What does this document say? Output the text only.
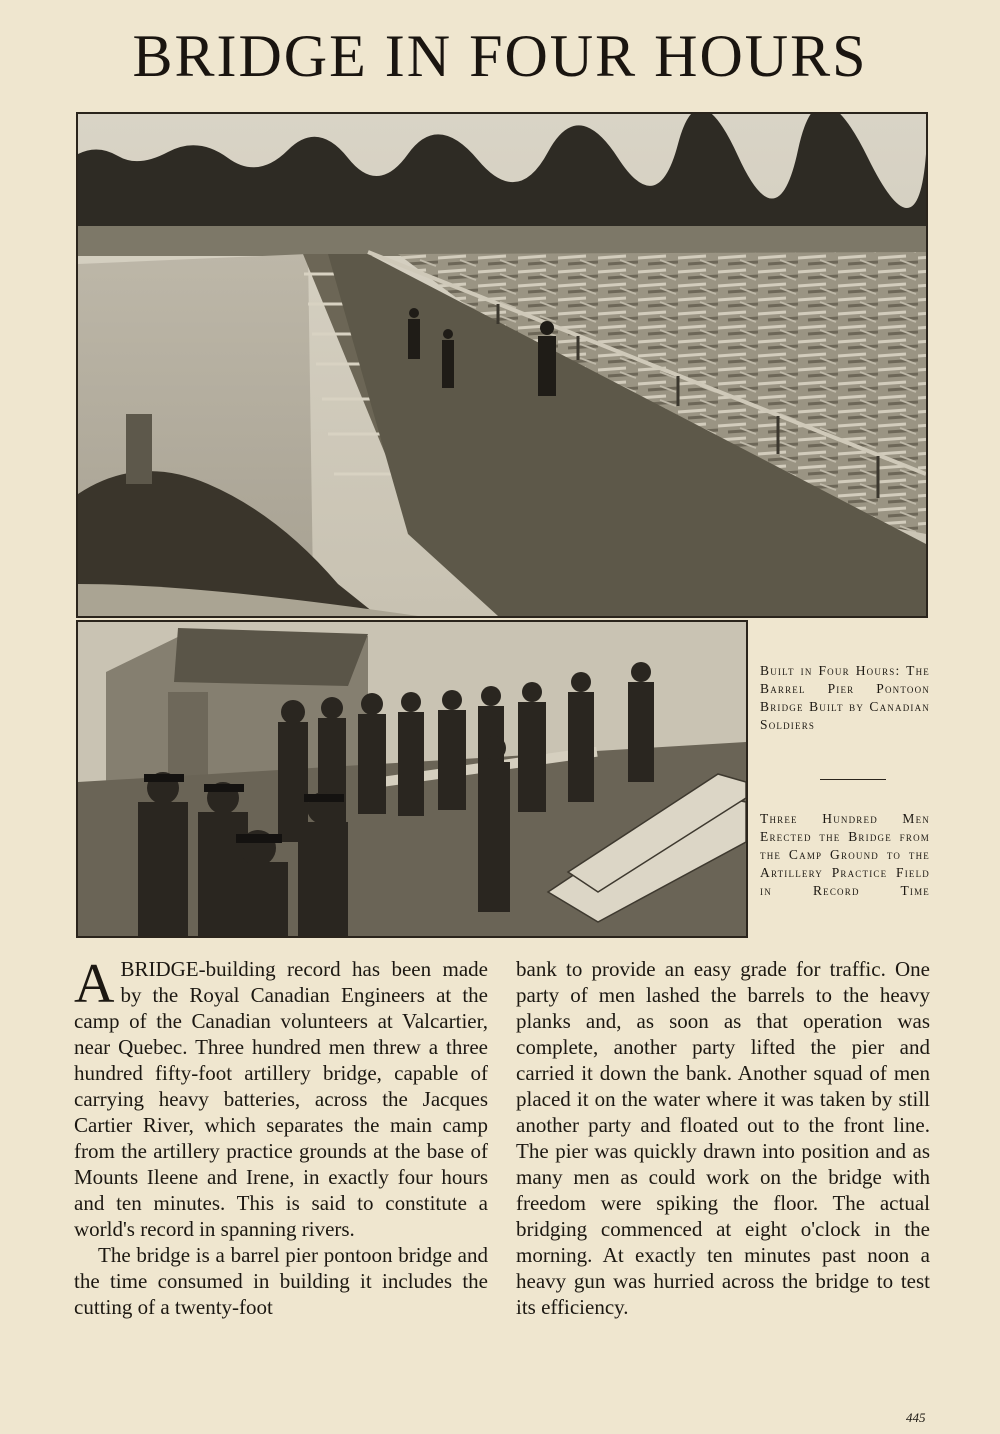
BRIDGE IN FOUR HOURS
Built in Four Hours: The Barrel Pier Pontoon Bridge Built by Canadian Soldiers
Three Hundred Men Erected the Bridge from the Camp Ground to the Artillery Practice Field in Record Time

ABRIDGE-building record has been made by the Royal Canadian Engineers at the camp of the Canadian volunteers at Valcartier, near Quebec. Three hundred men threw a three hundred fifty-foot artillery bridge, capable of carrying heavy batteries, across the Jacques Cartier River, which separates the main camp from the artillery practice grounds at the base of Mounts Ileene and Irene, in exactly four hours and ten minutes. This is said to constitute a world's record in spanning rivers.

The bridge is a barrel pier pontoon bridge and the time consumed in building it includes the cutting of a twenty-foot

bank to provide an easy grade for traffic. One party of men lashed the barrels to the heavy planks and, as soon as that operation was complete, another party lifted the pier and carried it down the bank. Another squad of men placed it on the water where it was taken by still another party and floated out to the front line. The pier was quickly drawn into position and as many men as could work on the bridge with freedom were spiking the floor. The actual bridging commenced at eight o'clock in the morning. At exactly ten minutes past noon a heavy gun was hurried across the bridge to test its efficiency.

445
